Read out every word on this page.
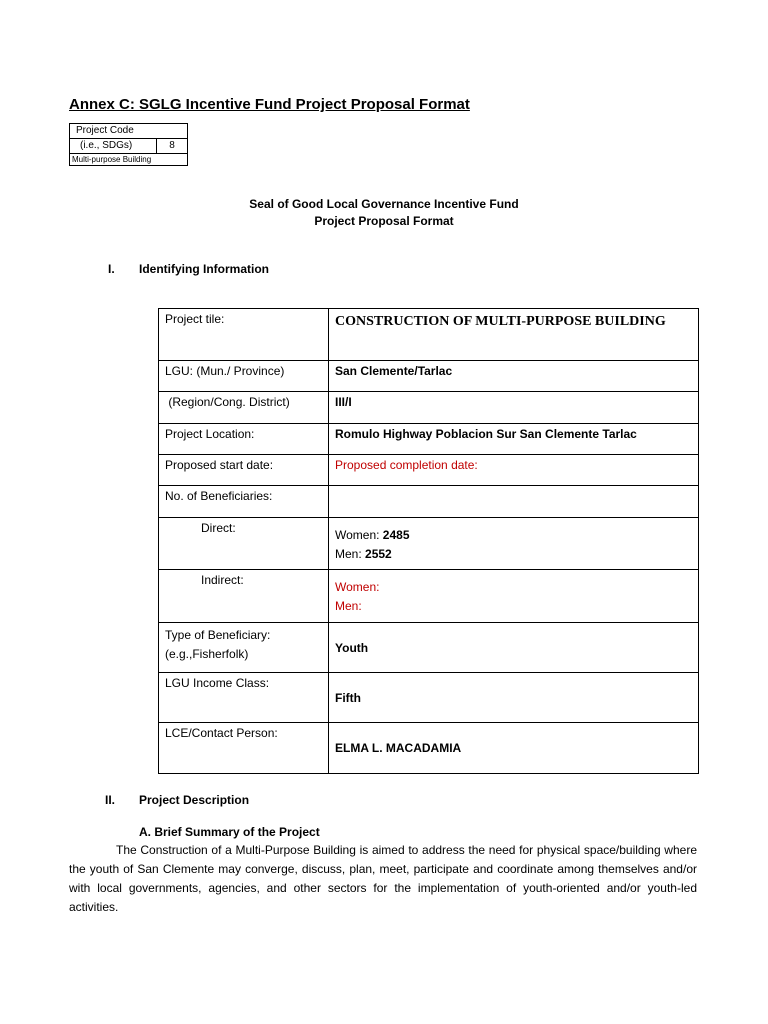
Annex C: SGLG Incentive Fund Project Proposal Format
Project Code
(i.e., SDGs)	8
Multi-purpose Building
Seal of Good Local Governance Incentive Fund
Project Proposal Format
I. Identifying Information
Project tile:	CONSTRUCTION OF MULTI-PURPOSE BUILDING
LGU: (Mun./ Province)	San Clemente/Tarlac
(Region/Cong. District)	III/I
Project Location:	Romulo Highway Poblacion Sur San Clemente Tarlac
Proposed start date:	Proposed completion date:
No. of Beneficiaries:	
Direct:	Women: 2485
Men: 2552

Indirect:	Women:
Men:

Type of Beneficiary:
(e.g.,Fisherfolk)	Youth
LGU Income Class:	Fifth
LCE/Contact Person:	ELMA L. MACADAMIA
II. Project Description
A. Brief Summary of the Project
The Construction of a Multi-Purpose Building is aimed to address the need for physical space/building where the youth of San Clemente may converge, discuss, plan, meet, participate and coordinate among themselves and/or with local governments, agencies, and other sectors for the implementation of youth-oriented and/or youth-led activities.
